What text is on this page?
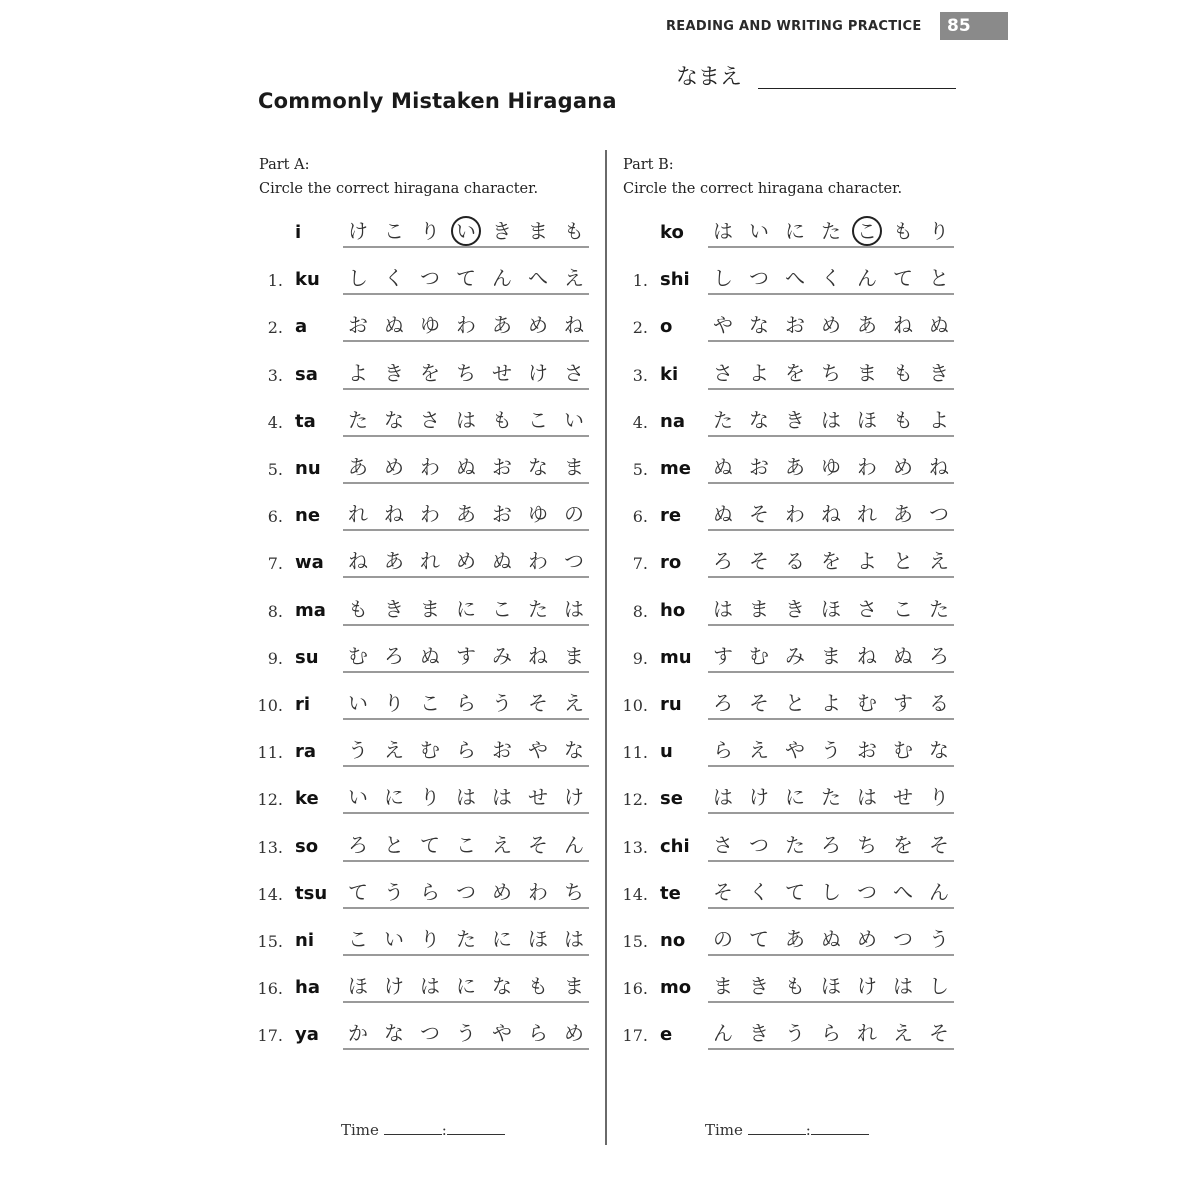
READING AND WRITING PRACTICE	85
なまえ
Commonly Mistaken Hiragana
Part A:
Circle the correct hiragana character.
Part B:
Circle the correct hiragana character.
i け こ り い き ま も
1. ku し く つ て ん へ え
2. a お ぬ ゆ わ あ め ね
3. sa よ き を ち せ け さ
4. ta た な さ は も こ い
5. nu あ め わ ぬ お な ま
6. ne れ ね わ あ お ゆ の
7. wa ね あ れ め ぬ わ つ
8. ma も き ま に こ た は
9. su む ろ ぬ す み ね ま
10. ri い り こ ら う そ え
11. ra う え む ら お や な
12. ke い に り は は せ け
13. so ろ と て こ え そ ん
14. tsu て う ら つ め わ ち
15. ni こ い り た に ほ は
16. ha ほ け は に な も ま
17. ya か な つ う や ら め
ko は い に た こ も り
1. shi し つ へ く ん て と
2. o や な お め あ ね ぬ
3. ki さ よ を ち ま も き
4. na た な き は ほ も よ
5. me ぬ お あ ゆ わ め ね
6. re ぬ そ わ ね れ あ つ
7. ro ろ そ る を よ と え
8. ho は ま き ほ さ こ た
9. mu す む み ま ね ぬ ろ
10. ru ろ そ と よ む す る
11. u ら え や う お む な
12. se は け に た は せ り
13. chi さ つ た ろ ち を そ
14. te そ く て し つ へ ん
15. no の て あ ぬ め つ う
16. mo ま き も ほ け は し
17. e ん き う ら れ え そ
Time	:	Time	:
